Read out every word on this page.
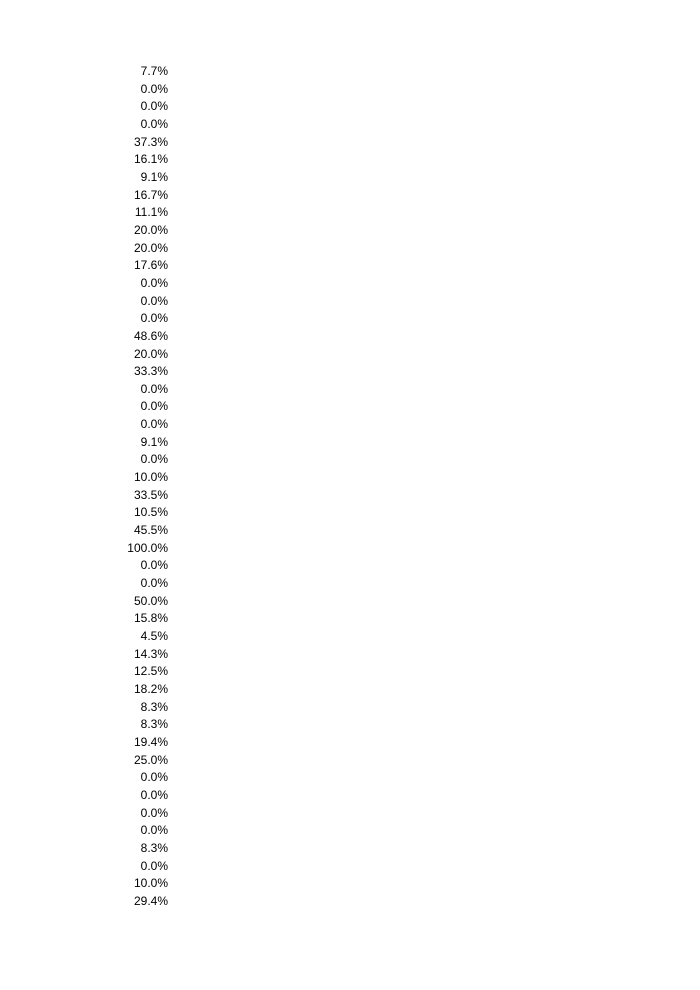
7.7%
0.0%
0.0%
0.0%
37.3%
16.1%
9.1%
16.7%
11.1%
20.0%
20.0%
17.6%
0.0%
0.0%
0.0%
48.6%
20.0%
33.3%
0.0%
0.0%
0.0%
9.1%
0.0%
10.0%
33.5%
10.5%
45.5%
100.0%
0.0%
0.0%
50.0%
15.8%
4.5%
14.3%
12.5%
18.2%
8.3%
8.3%
19.4%
25.0%
0.0%
0.0%
0.0%
0.0%
8.3%
0.0%
10.0%
29.4%
